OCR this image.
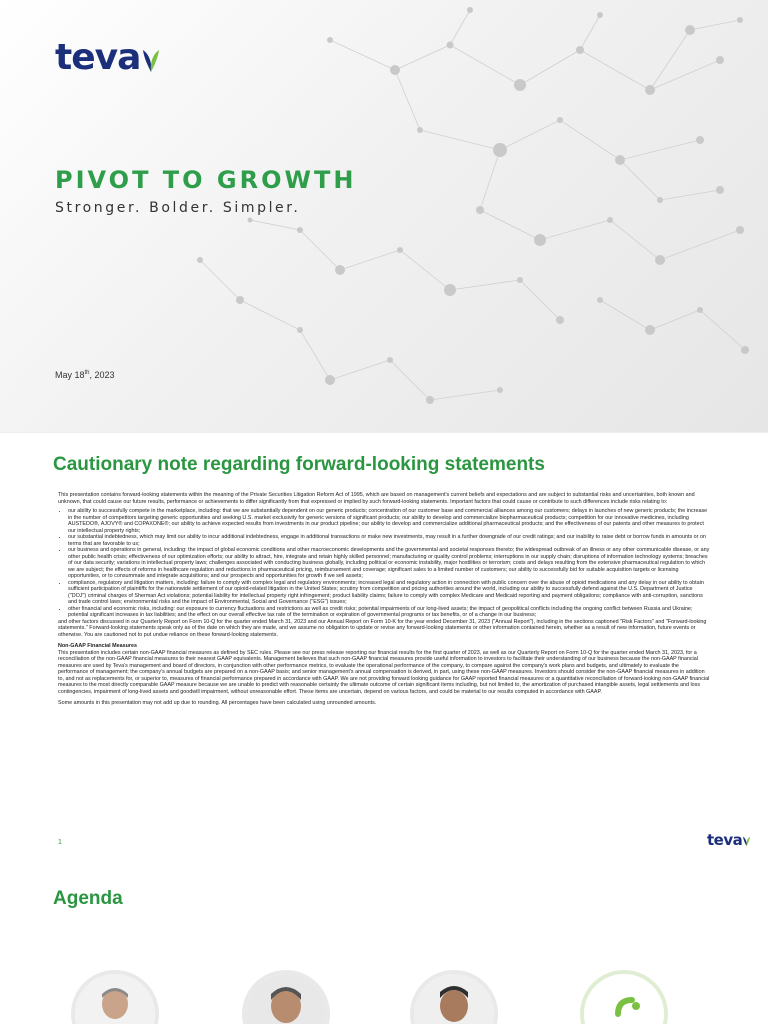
teva
PIVOT TO GROWTH
Stronger. Bolder. Simpler.
May 18th, 2023
Cautionary note regarding forward-looking statements

This presentation contains forward-looking statements within the meaning of the Private Securities Litigation Reform Act of 1995, which are based on management's current beliefs and expectations and are subject to substantial risks and uncertainties, both known and unknown, that could cause our future results, performance or achievements to differ significantly from that expressed or implied by such forward-looking statements. Important factors that could cause or contribute to such differences include risks relating to:

• our ability to successfully compete in the marketplace, including: that we are substantially dependent on our generic products; concentration of our customer base and commercial alliances among our customers; delays in launches of new generic products; the increase in the number of competitors targeting generic opportunities and seeking U.S. market exclusivity for generic versions of significant products; our ability to develop and commercialize biopharmaceutical products; competition for our innovative medicines, including AUSTEDO®, AJOVY® and COPAXONE®; our ability to achieve expected results from investments in our product pipeline; our ability to develop and commercialize additional pharmaceutical products; and the effectiveness of our patents and other measures to protect our intellectual property rights;
• our substantial indebtedness, which may limit our ability to incur additional indebtedness, engage in additional transactions or make new investments, may result in a further downgrade of our credit ratings; and our inability to raise debt or borrow funds in amounts or on terms that are favorable to us;
• our business and operations in general, including: the impact of global economic conditions and other macroeconomic developments and the governmental and societal responses thereto; the widespread outbreak of an illness or any other communicable disease, or any other public health crisis; effectiveness of our optimization efforts; our ability to attract, hire, integrate and retain highly skilled personnel; manufacturing or quality control problems; interruptions in our supply chain; disruptions of information technology systems; breaches of our data security; variations in intellectual property laws; challenges associated with conducting business globally, including political or economic instability, major hostilities or terrorism; costs and delays resulting from the extensive pharmaceutical regulation to which we are subject; the effects of reforms in healthcare regulation and reductions in pharmaceutical pricing, reimbursement and coverage; significant sales to a limited number of customers; our ability to successfully bid for suitable acquisition targets or licensing opportunities, or to consummate and integrate acquisitions; and our prospects and opportunities for growth if we sell assets;
• compliance, regulatory and litigation matters, including: failure to comply with complex legal and regulatory environments; increased legal and regulatory action in connection with public concern over the abuse of opioid medications and any delay in our ability to obtain sufficient participation of plaintiffs for the nationwide settlement of our opioid-related litigation in the United States; scrutiny from competition and pricing authorities around the world, including our ability to successfully defend against the U.S. Department of Justice ("DOJ") criminal charges of Sherman Act violations; potential liability for intellectual property right infringement; product liability claims; failure to comply with complex Medicare and Medicaid reporting and payment obligations; compliance with anti-corruption, sanctions and trade control laws; environmental risks and the impact of Environmental, Social and Governance ("ESG") issues;
• other financial and economic risks, including: our exposure to currency fluctuations and restrictions as well as credit risks; potential impairments of our long-lived assets; the impact of geopolitical conflicts including the ongoing conflict between Russia and Ukraine; potential significant increases in tax liabilities; and the effect on our overall effective tax rate of the termination or expiration of governmental programs or tax benefits, or of a change in our business;

and other factors discussed in our Quarterly Report on Form 10-Q for the quarter ended March 31, 2023 and our Annual Report on Form 10-K for the year ended December 31, 2023 ("Annual Report"), including in the sections captioned "Risk Factors" and "Forward-looking statements." Forward-looking statements speak only as of the date on which they are made, and we assume no obligation to update or revise any forward-looking statements or other information contained herein, whether as a result of new information, future events or otherwise. You are cautioned not to put undue reliance on these forward-looking statements.

Non-GAAP Financial Measures

This presentation includes certain non-GAAP financial measures as defined by SEC rules. Please see our press release reporting our financial results for the first quarter of 2023, as well as our Quarterly Report on Form 10-Q for the quarter ended March 31, 2023, for a reconciliation of the non-GAAP financial measures to their nearest GAAP equivalents. Management believes that such non-GAAP financial measures provide useful information to investors to facilitate their understanding of our business because the non-GAAP financial measures are used by Teva's management and board of directors, in conjunction with other performance metrics, to evaluate the operational performance of the company, to compare against the company's work plans and budgets, and ultimately to evaluate the performance of management; the company's annual budgets are prepared on a non-GAAP basis; and senior management's annual compensation is derived, in part, using these non-GAAP measures. Investors should consider the non-GAAP financial measures in addition to, and not as replacements for, or superior to, measures of financial performance prepared in accordance with GAAP. We are not providing forward looking guidance for GAAP reported financial measures or a quantitative reconciliation of forward-looking non-GAAP financial measures to the most directly comparable GAAP measure because we are unable to predict with reasonable certainty the ultimate outcome of certain significant items including, but not limited to, the amortization of purchased intangible assets, legal settlements and loss contingencies, impairment of long-lived assets and goodwill impairment, without unreasonable effort. These items are uncertain, depend on various factors, and could be material to our results computed in accordance with GAAP.

Some amounts in this presentation may not add up due to rounding. All percentages have been calculated using unrounded amounts.

1	teva
Agenda
